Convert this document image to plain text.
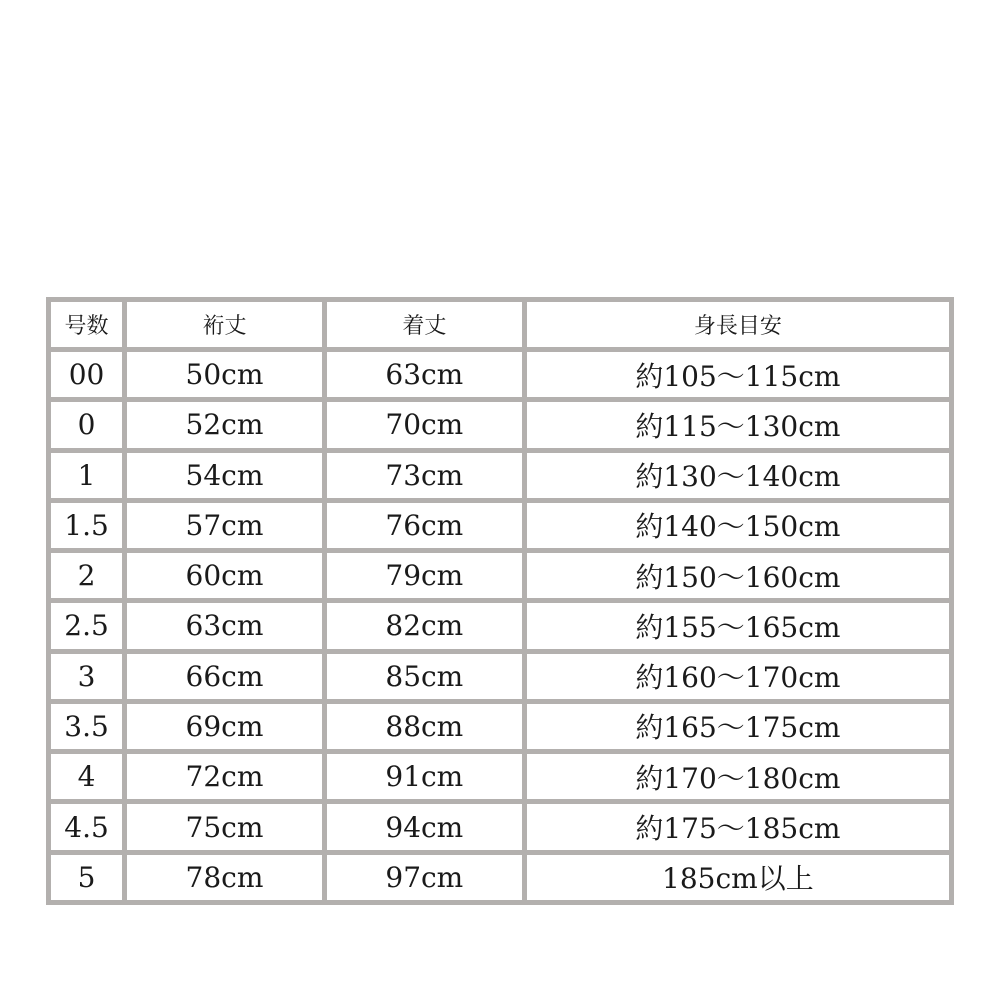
号数	裄丈	着丈	身長目安
00	50cm	63cm	約105〜115cm
0	52cm	70cm	約115〜130cm
1	54cm	73cm	約130〜140cm
1.5	57cm	76cm	約140〜150cm
2	60cm	79cm	約150〜160cm
2.5	63cm	82cm	約155〜165cm
3	66cm	85cm	約160〜170cm
3.5	69cm	88cm	約165〜175cm
4	72cm	91cm	約170〜180cm
4.5	75cm	94cm	約175〜185cm
5	78cm	97cm	185cm以上
